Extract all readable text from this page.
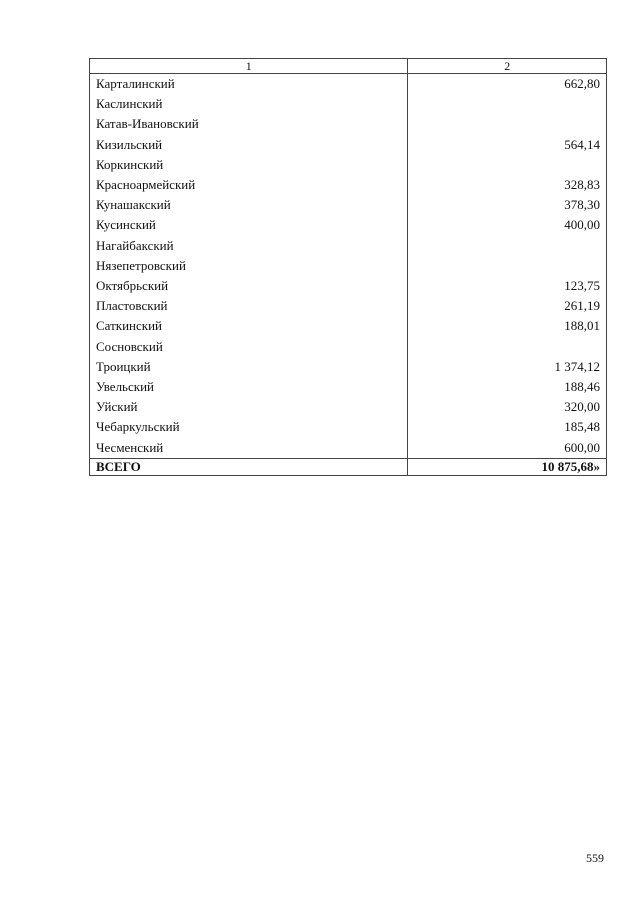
1	2
Карталинский	662,80
Каслинский	
Катав-Ивановский	
Кизильский	564,14
Коркинский	
Красноармейский	328,83
Кунашакский	378,30
Кусинский	400,00
Нагайбакский	
Нязепетровский	
Октябрьский	123,75
Пластовский	261,19
Саткинский	188,01
Сосновский	
Троицкий	1 374,12
Увельский	188,46
Уйский	320,00
Чебаркульский	185,48
Чесменский	600,00
ВСЕГО	10 875,68»
559
